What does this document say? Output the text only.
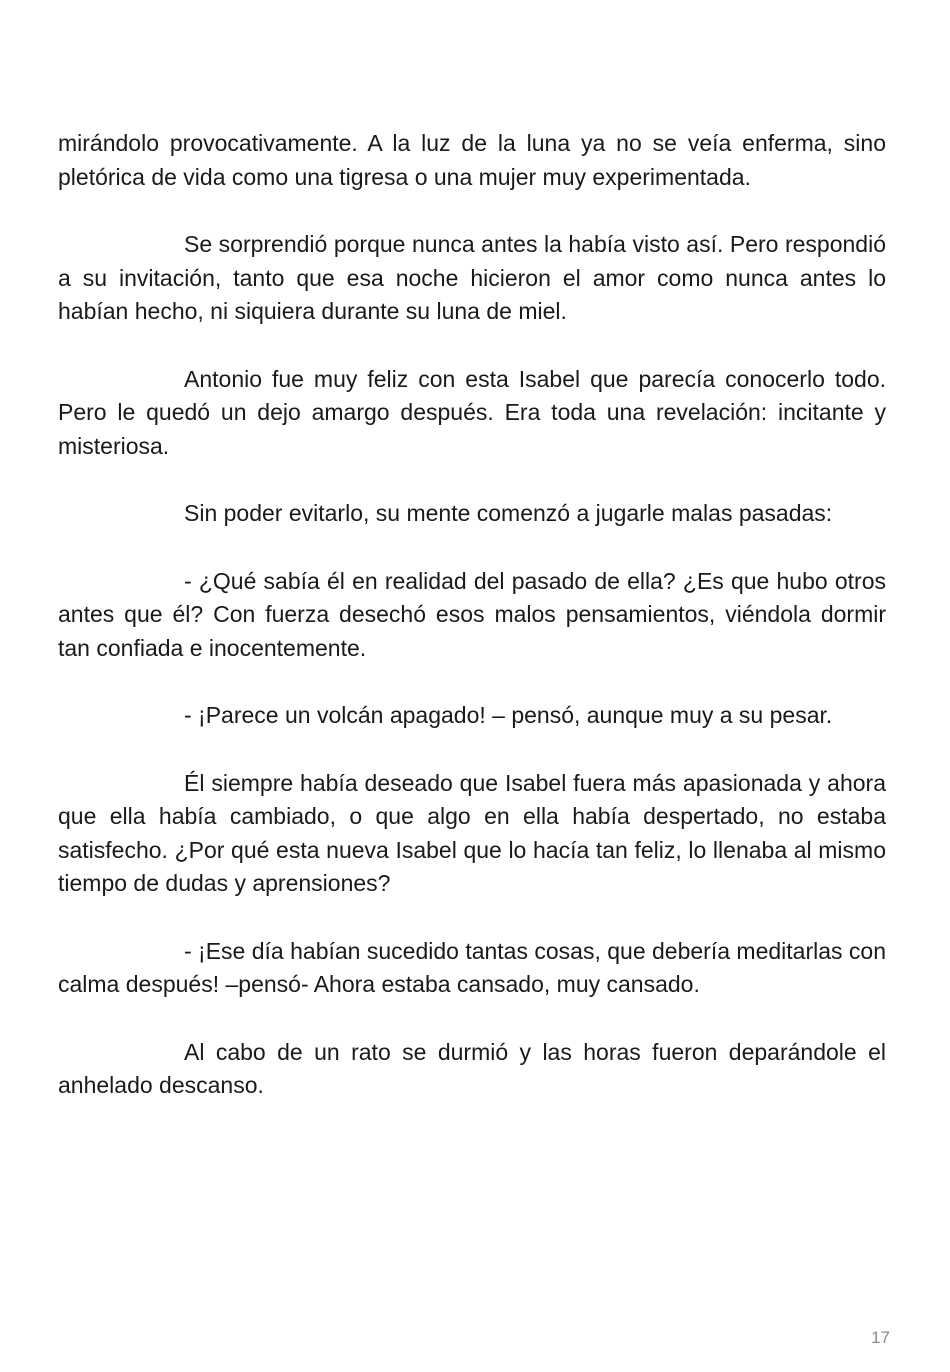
mirándolo provocativamente. A la luz de la luna ya no se veía enferma, sino pletórica de vida como una tigresa o una mujer muy experimentada.

Se sorprendió porque nunca antes la había visto así. Pero respondió a su invitación, tanto que esa noche hicieron el amor como nunca antes lo habían hecho, ni siquiera durante su luna de miel.

Antonio fue muy feliz con esta Isabel que parecía conocerlo todo. Pero le quedó un dejo amargo después. Era toda una revelación: incitante y misteriosa.

Sin poder evitarlo, su mente comenzó a jugarle malas pasadas:

- ¿Qué sabía él en realidad del pasado de ella? ¿Es que hubo otros antes que él? Con fuerza desechó esos malos pensamientos, viéndola dormir tan confiada e inocentemente.

- ¡Parece un volcán apagado! – pensó, aunque muy a su pesar.

Él siempre había deseado que Isabel fuera más apasionada y ahora que ella había cambiado, o que algo en ella había despertado, no estaba satisfecho. ¿Por qué esta nueva Isabel que lo hacía tan feliz, lo llenaba al mismo tiempo de dudas y aprensiones?

- ¡Ese día habían sucedido tantas cosas, que debería meditarlas con calma después! –pensó- Ahora estaba cansado, muy cansado.

Al cabo de un rato se durmió y las horas fueron deparándole el anhelado descanso.

17
